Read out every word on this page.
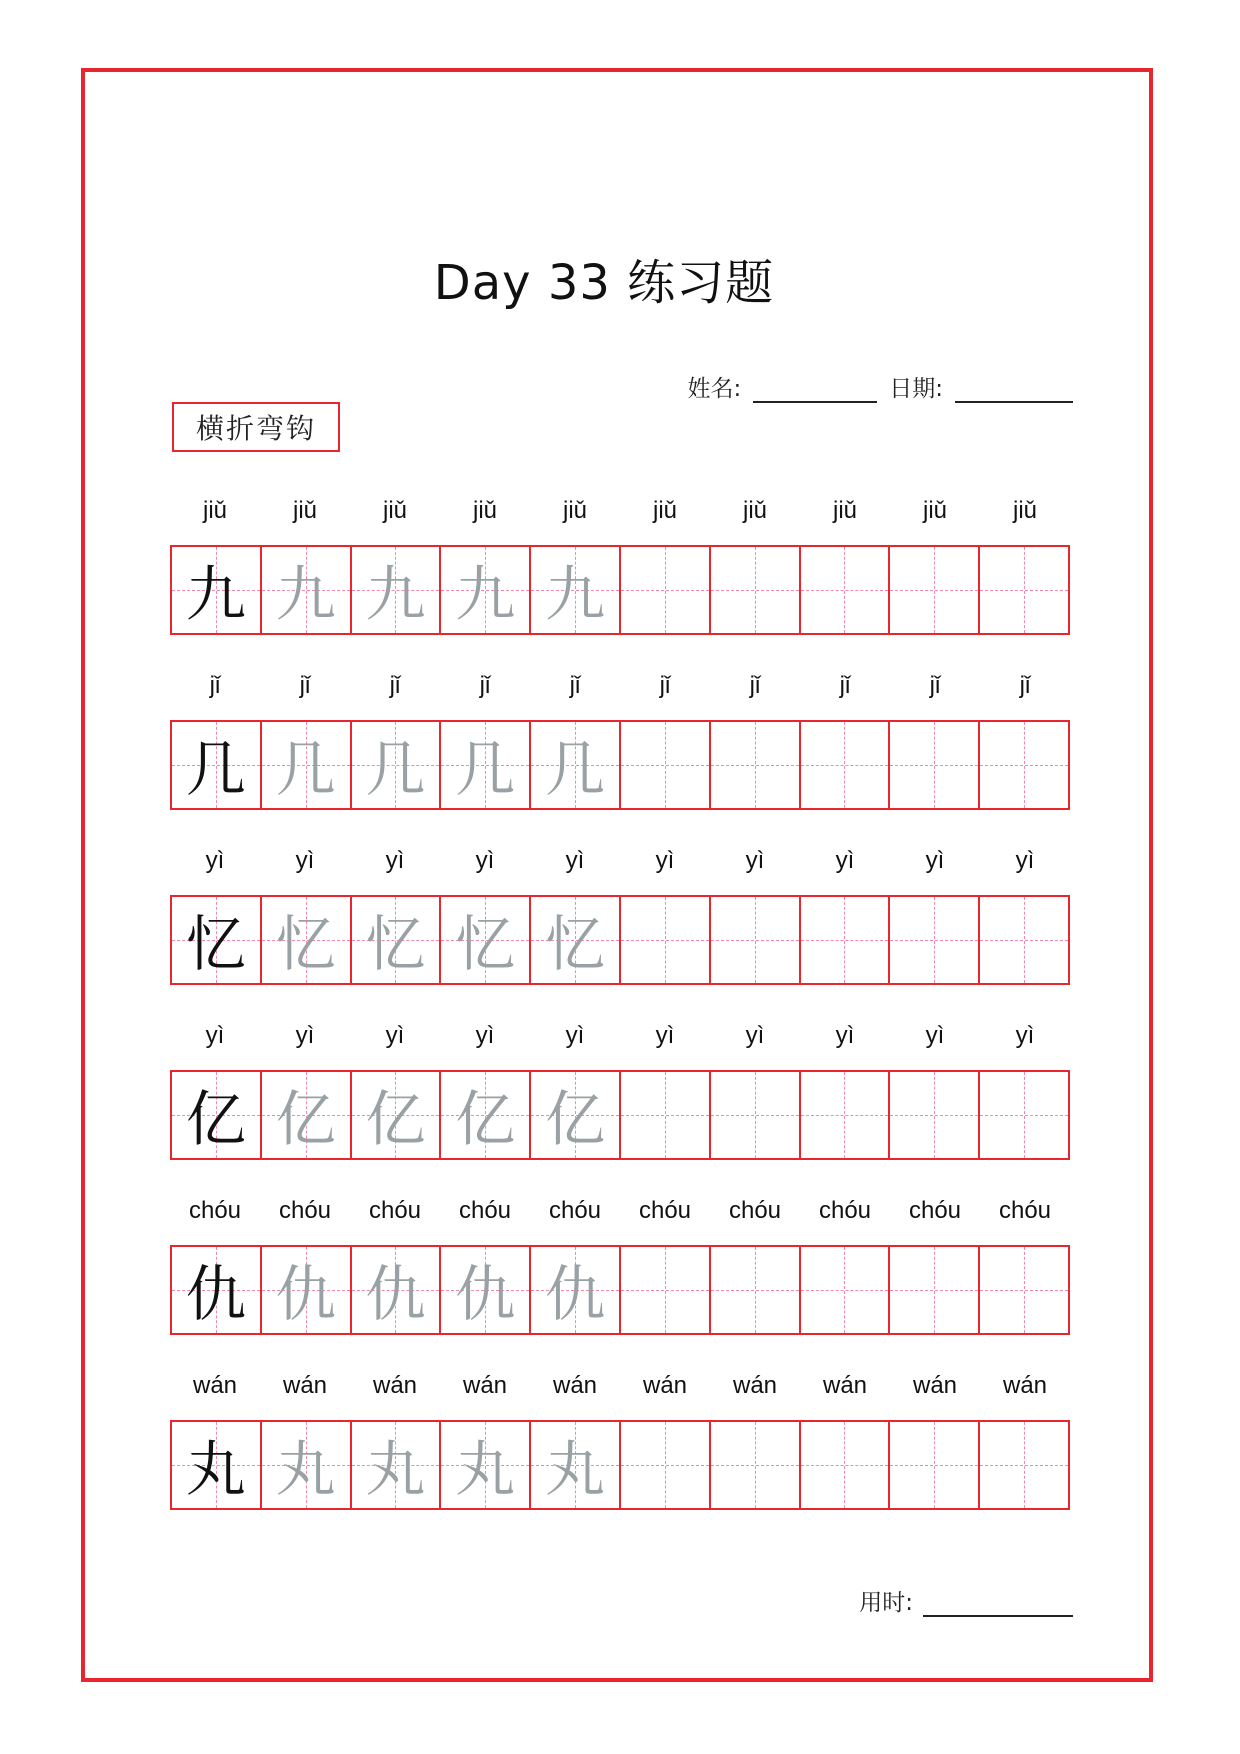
Day 33 练习题
姓名:	日期:
横折弯钩
jiǔ	jiǔ	jiǔ	jiǔ	jiǔ	jiǔ	jiǔ	jiǔ	jiǔ	jiǔ
九 九 九 九 九
jǐ	jǐ	jǐ	jǐ	jǐ	jǐ	jǐ	jǐ	jǐ	jǐ
几 几 几 几 几
yì	yì	yì	yì	yì	yì	yì	yì	yì	yì
忆 忆 忆 忆 忆
yì	yì	yì	yì	yì	yì	yì	yì	yì	yì
亿 亿 亿 亿 亿
chóu	chóu	chóu	chóu	chóu	chóu	chóu	chóu	chóu	chóu
仇 仇 仇 仇 仇
wán	wán	wán	wán	wán	wán	wán	wán	wán	wán
丸 丸 丸 丸 丸
用时:
